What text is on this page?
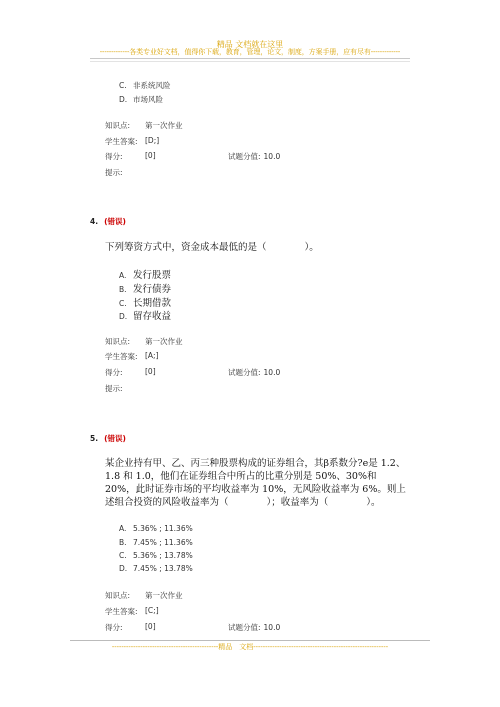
精品 文档就在这里
-------------各类专业好文档，值得你下载，教育，管理，论文，制度，方案手册，应有尽有-------------
C. 非系统风险
D. 市场风险
知识点: 第一次作业
学生答案: [D;]
得分:	[0]	试题分值: 10.0
提示:
4. (错误)
下列筹资方式中，资金成本最低的是（　　　　）。
A. 发行股票
B. 发行债券
C. 长期借款
D. 留存收益
知识点: 第一次作业
学生答案: [A;]
得分:	[0]	试题分值: 10.0
提示:
5. (错误)
某企业持有甲、乙、丙三种股票构成的证券组合，其β系数分?e是 1.2、1.8 和 1.0，他们在证券组合中所占的比重分别是 50%、30%和 20%，此时证券市场的平均收益率为 10%，无风险收益率为 6%。则上述组合投资的风险收益率为（　　　　）；收益率为（　　　　）。
A. 5.36% ; 11.36%
B. 7.45% ; 11.36%
C. 5.36% ; 13.78%
D. 7.45% ; 13.78%
知识点: 第一次作业
学生答案: [C;]
得分:	[0]	试题分值: 10.0
---------------------------------------------精品　文档---------------------------------------------------------
